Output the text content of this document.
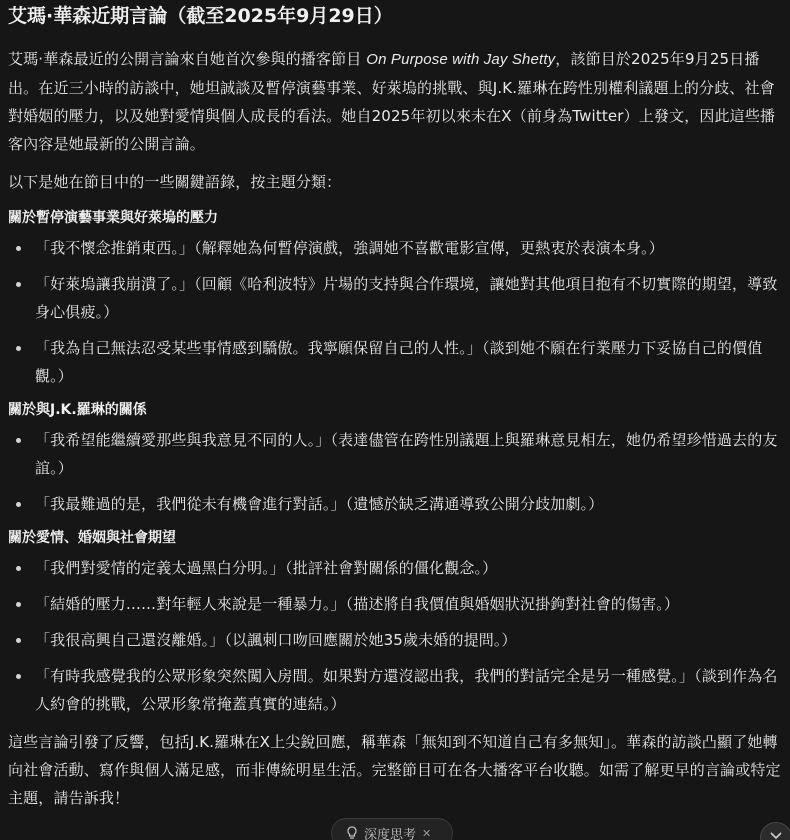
艾瑪·華森近期言論（截至2025年9月29日）

艾瑪·華森最近的公開言論來自她首次參與的播客節目 On Purpose with Jay Shetty，該節目於2025年9月25日播出。在近三小時的訪談中，她坦誠談及暫停演藝事業、好萊塢的挑戰、與J.K.羅琳在跨性別權利議題上的分歧、社會對婚姻的壓力，以及她對愛情與個人成長的看法。她自2025年初以來未在X（前身為Twitter）上發文，因此這些播客內容是她最新的公開言論。

以下是她在節目中的一些關鍵語錄，按主題分類：

關於暫停演藝事業與好萊塢的壓力
「我不懷念推銷東西。」（解釋她為何暫停演戲，強調她不喜歡電影宣傳，更熱衷於表演本身。）
「好萊塢讓我崩潰了。」（回顧《哈利波特》片場的支持與合作環境，讓她對其他項目抱有不切實際的期望，導致身心俱疲。）
「我為自己無法忍受某些事情感到驕傲。我寧願保留自己的人性。」（談到她不願在行業壓力下妥協自己的價值觀。）
關於與J.K.羅琳的關係
「我希望能繼續愛那些與我意見不同的人。」（表達儘管在跨性別議題上與羅琳意見相左，她仍希望珍惜過去的友誼。）
「我最難過的是，我們從未有機會進行對話。」（遺憾於缺乏溝通導致公開分歧加劇。）
關於愛情、婚姻與社會期望
「我們對愛情的定義太過黑白分明。」（批評社會對關係的僵化觀念。）
「結婚的壓力……對年輕人來說是一種暴力。」（描述將自我價值與婚姻狀況掛鉤對社會的傷害。）
「我很高興自己還沒離婚。」（以諷刺口吻回應關於她35歲未婚的提問。）
「有時我感覺我的公眾形象突然闖入房間。如果對方還沒認出我，我們的對話完全是另一種感覺。」（談到作為名人約會的挑戰，公眾形象常掩蓋真實的連結。）

這些言論引發了反響，包括J.K.羅琳在X上尖銳回應，稱華森「無知到不知道自己有多無知」。華森的訪談凸顯了她轉向社會活動、寫作與個人滿足感，而非傳統明星生活。完整節目可在各大播客平台收聽。如需了解更早的言論或特定主題，請告訴我！

深度思考 ✕
